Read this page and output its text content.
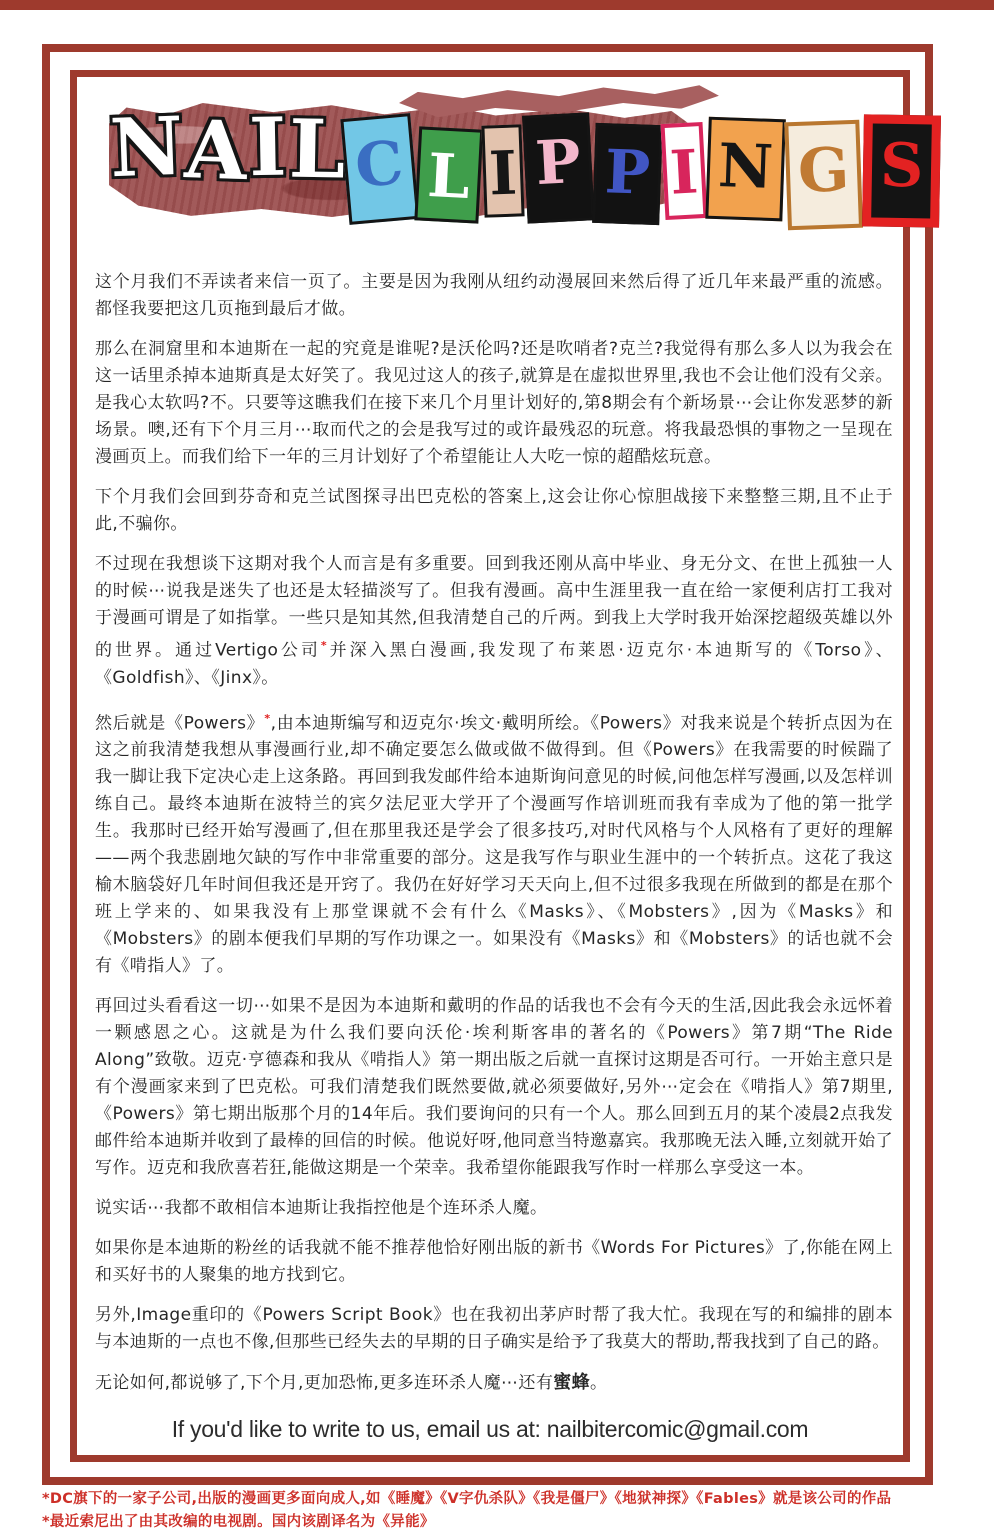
NAIL C L I P P I N G S

这个月我们不弄读者来信一页了。主要是因为我刚从纽约动漫展回来然后得了近几年来最严重的流感。都怪我要把这几页拖到最后才做。

那么在洞窟里和本迪斯在一起的究竟是谁呢?是沃伦吗?还是吹哨者?克兰?我觉得有那么多人以为我会在这一话里杀掉本迪斯真是太好笑了。我见过这人的孩子,就算是在虚拟世界里,我也不会让他们没有父亲。是我心太软吗?不。只要等这瞧我们在接下来几个月里计划好的,第8期会有个新场景⋯会让你发恶梦的新场景。噢,还有下个月三月⋯取而代之的会是我写过的或许最残忍的玩意。将我最恐惧的事物之一呈现在漫画页上。而我们给下一年的三月计划好了个希望能让人大吃一惊的超酷炫玩意。

下个月我们会回到芬奇和克兰试图探寻出巴克松的答案上,这会让你心惊胆战接下来整整三期,且不止于此,不骗你。

不过现在我想谈下这期对我个人而言是有多重要。回到我还刚从高中毕业、身无分文、在世上孤独一人的时候⋯说我是迷失了也还是太轻描淡写了。但我有漫画。高中生涯里我一直在给一家便利店打工我对于漫画可谓是了如指掌。一些只是知其然,但我清楚自己的斤两。到我上大学时我开始深挖超级英雄以外的世界。通过Vertigo公司*并深入黑白漫画,我发现了布莱恩·迈克尔·本迪斯写的《Torso》、《Goldfish》、《Jinx》。

然后就是《Powers》*,由本迪斯编写和迈克尔·埃文·戴明所绘。《Powers》对我来说是个转折点因为在这之前我清楚我想从事漫画行业,却不确定要怎么做或做不做得到。但《Powers》在我需要的时候踹了我一脚让我下定决心走上这条路。再回到我发邮件给本迪斯询问意见的时候,问他怎样写漫画,以及怎样训练自己。最终本迪斯在波特兰的宾夕法尼亚大学开了个漫画写作培训班而我有幸成为了他的第一批学生。我那时已经开始写漫画了,但在那里我还是学会了很多技巧,对时代风格与个人风格有了更好的理解——两个我悲剧地欠缺的写作中非常重要的部分。这是我写作与职业生涯中的一个转折点。这花了我这榆木脑袋好几年时间但我还是开窍了。我仍在好好学习天天向上,但不过很多我现在所做到的都是在那个班上学来的、如果我没有上那堂课就不会有什么《Masks》、《Mobsters》,因为《Masks》和《Mobsters》的剧本便我们早期的写作功课之一。如果没有《Masks》和《Mobsters》的话也就不会有《啃指人》了。

再回过头看看这一切⋯如果不是因为本迪斯和戴明的作品的话我也不会有今天的生活,因此我会永远怀着一颗感恩之心。这就是为什么我们要向沃伦·埃利斯客串的著名的《Powers》第7期“The Ride Along”致敬。迈克·亨德森和我从《啃指人》第一期出版之后就一直探讨这期是否可行。一开始主意只是有个漫画家来到了巴克松。可我们清楚我们既然要做,就必须要做好,另外⋯定会在《啃指人》第7期里,《Powers》第七期出版那个月的14年后。我们要询问的只有一个人。那么回到五月的某个凌晨2点我发邮件给本迪斯并收到了最棒的回信的时候。他说好呀,他同意当特邀嘉宾。我那晚无法入睡,立刻就开始了写作。迈克和我欣喜若狂,能做这期是一个荣幸。我希望你能跟我写作时一样那么享受这一本。

说实话⋯我都不敢相信本迪斯让我指控他是个连环杀人魔。

如果你是本迪斯的粉丝的话我就不能不推荐他恰好刚出版的新书《Words For Pictures》了,你能在网上和买好书的人聚集的地方找到它。

另外,Image重印的《Powers Script Book》也在我初出茅庐时帮了我大忙。我现在写的和编排的剧本与本迪斯的一点也不像,但那些已经失去的早期的日子确实是给予了我莫大的帮助,帮我找到了自己的路。

无论如何,都说够了,下个月,更加恐怖,更多连环杀人魔⋯还有蜜蜂。

If you'd like to write to us, email us at: nailbitercomic@gmail.com
*DC旗下的一家子公司,出版的漫画更多面向成人,如《睡魔》《V字仇杀队》《我是僵尸》《地狱神探》《Fables》就是该公司的作品
*最近索尼出了由其改编的电视剧。国内该剧译名为《异能》
